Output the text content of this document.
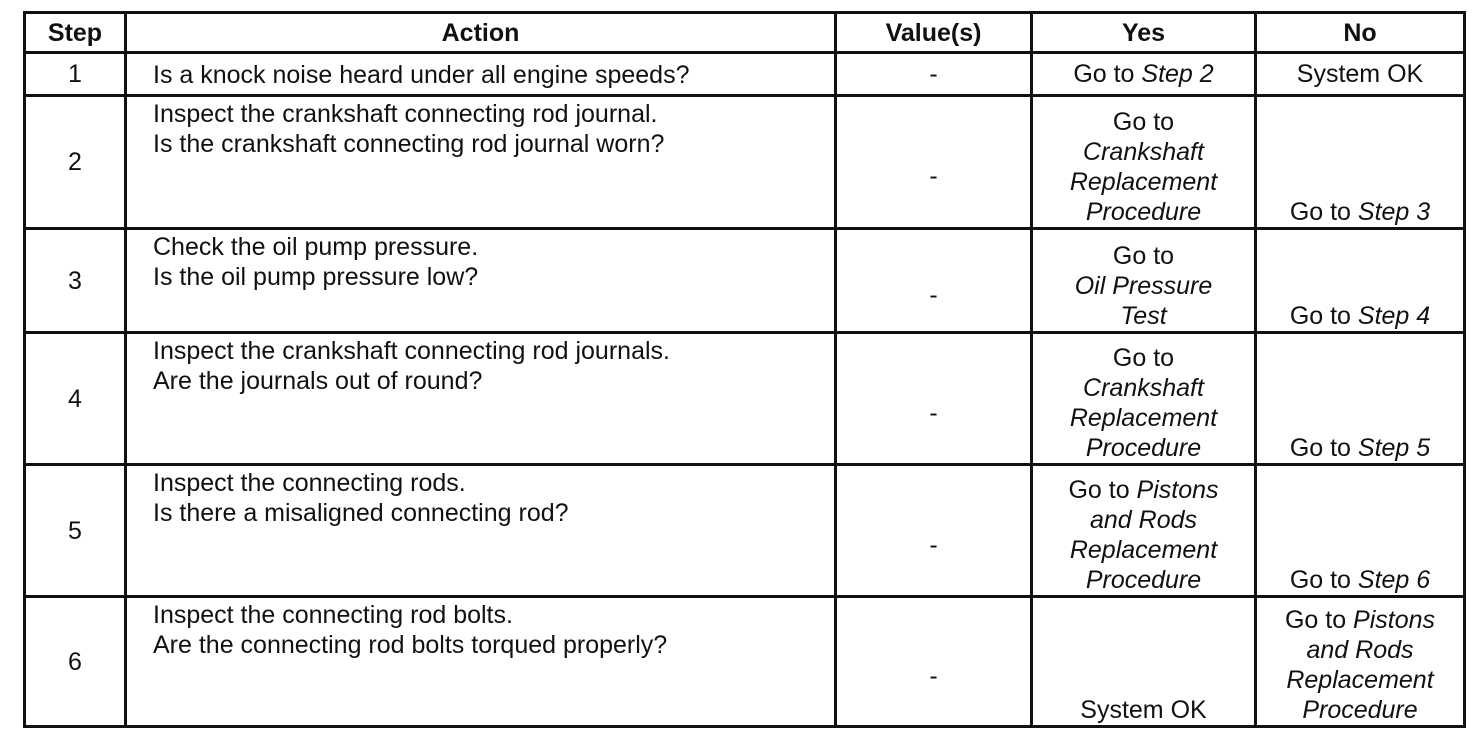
Step	Action	Value(s)	Yes	No
1	Is a knock noise heard under all engine speeds?	-	Go to Step 2	System OK

2	Inspect the crankshaft connecting rod journal.
Is the crankshaft connecting rod journal worn?	-	Go to
Crankshaft
Replacement
Procedure	Go to Step 3

3	Check the oil pump pressure.
Is the oil pump pressure low?	-	Go to
Oil Pressure
Test	Go to Step 4

4	Inspect the crankshaft connecting rod journals.
Are the journals out of round?	-	Go to
Crankshaft
Replacement
Procedure	Go to Step 5

5	Inspect the connecting rods.
Is there a misaligned connecting rod?	-	Go to Pistons
and Rods
Replacement
Procedure	Go to Step 6

6	Inspect the connecting rod bolts.
Are the connecting rod bolts torqued properly?	-	System OK	Go to Pistons
and Rods
Replacement
Procedure
